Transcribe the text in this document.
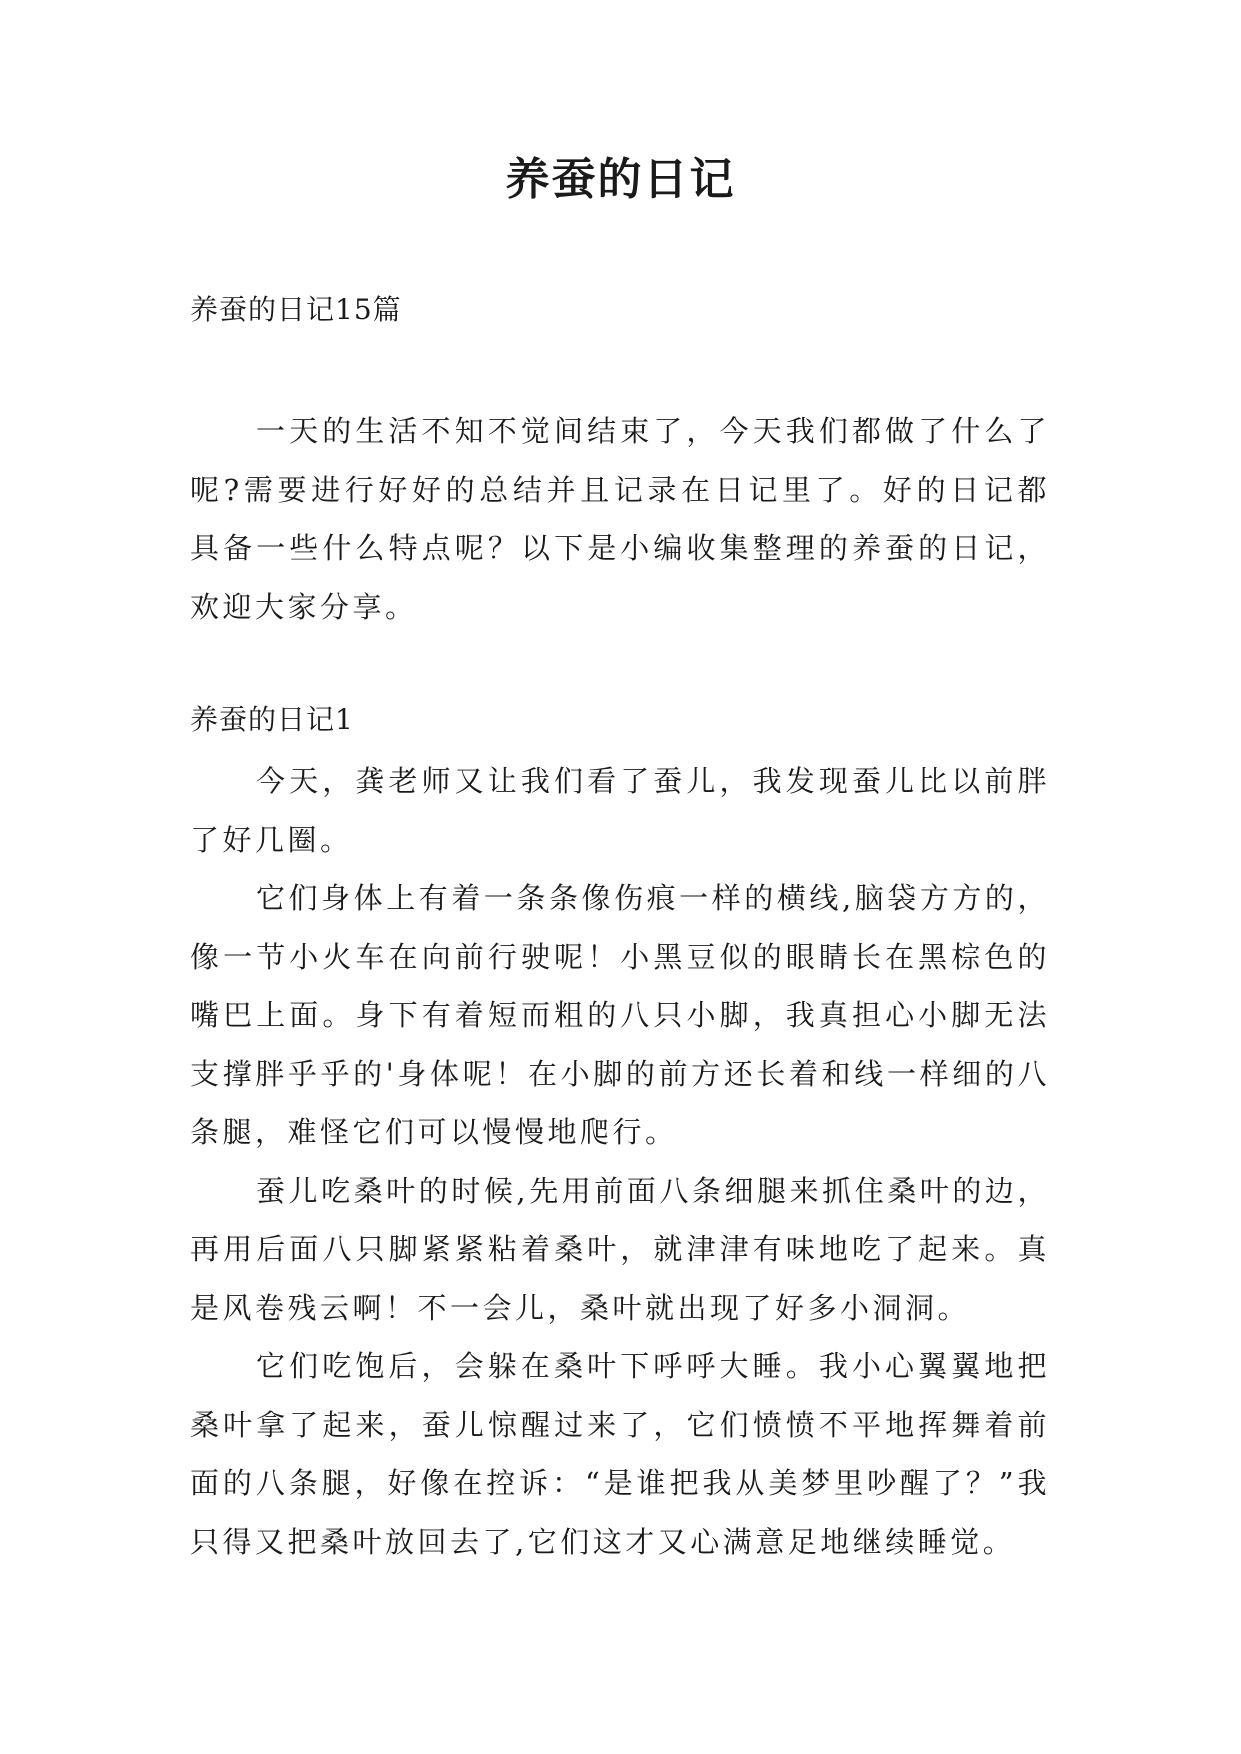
养蚕的日记

养蚕的日记15篇

一天的生活不知不觉间结束了，今天我们都做了什么了呢?需要进行好好的总结并且记录在日记里了。好的日记都具备一些什么特点呢？以下是小编收集整理的养蚕的日记，欢迎大家分享。

养蚕的日记1

今天，龚老师又让我们看了蚕儿，我发现蚕儿比以前胖了好几圈。

它们身体上有着一条条像伤痕一样的横线,脑袋方方的，像一节小火车在向前行驶呢！小黑豆似的眼睛长在黑棕色的嘴巴上面。身下有着短而粗的八只小脚，我真担心小脚无法支撑胖乎乎的'身体呢！在小脚的前方还长着和线一样细的八条腿，难怪它们可以慢慢地爬行。

蚕儿吃桑叶的时候,先用前面八条细腿来抓住桑叶的边，再用后面八只脚紧紧粘着桑叶，就津津有味地吃了起来。真是风卷残云啊！不一会儿，桑叶就出现了好多小洞洞。

它们吃饱后，会躲在桑叶下呼呼大睡。我小心翼翼地把桑叶拿了起来，蚕儿惊醒过来了，它们愤愤不平地挥舞着前面的八条腿，好像在控诉：“是谁把我从美梦里吵醒了？”我只得又把桑叶放回去了,它们这才又心满意足地继续睡觉。
